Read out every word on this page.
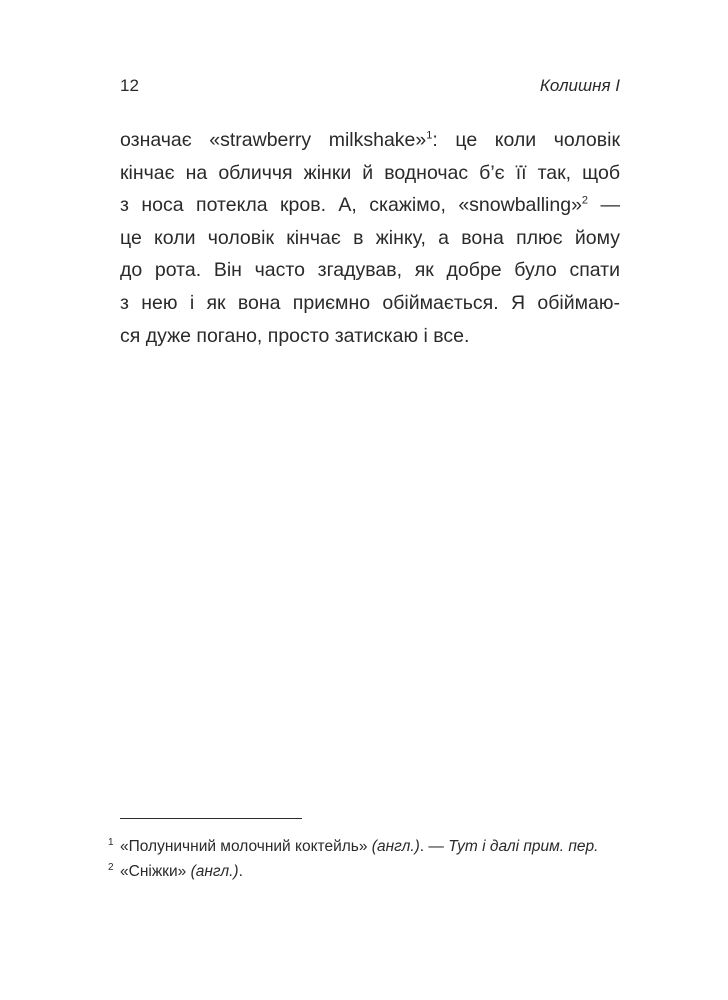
12	Колишня І
означає «strawberry milkshake»$^1$: це коли чоловік
кінчає на обличчя жінки й водночас б’є її так, щоб
з носа потекла кров. А, скажімо, «snowballing»$^2$ —
це коли чоловік кінчає в жінку, а вона плює йому
до рота. Він часто згадував, як добре було спати
з нею і як вона приємно обіймається. Я обіймаю-
ся дуже погано, просто затискаю і все.
1 «Полуничний молочний коктейль» (англ.). — Тут і далі прим. пер.
2 «Сніжки» (англ.).
